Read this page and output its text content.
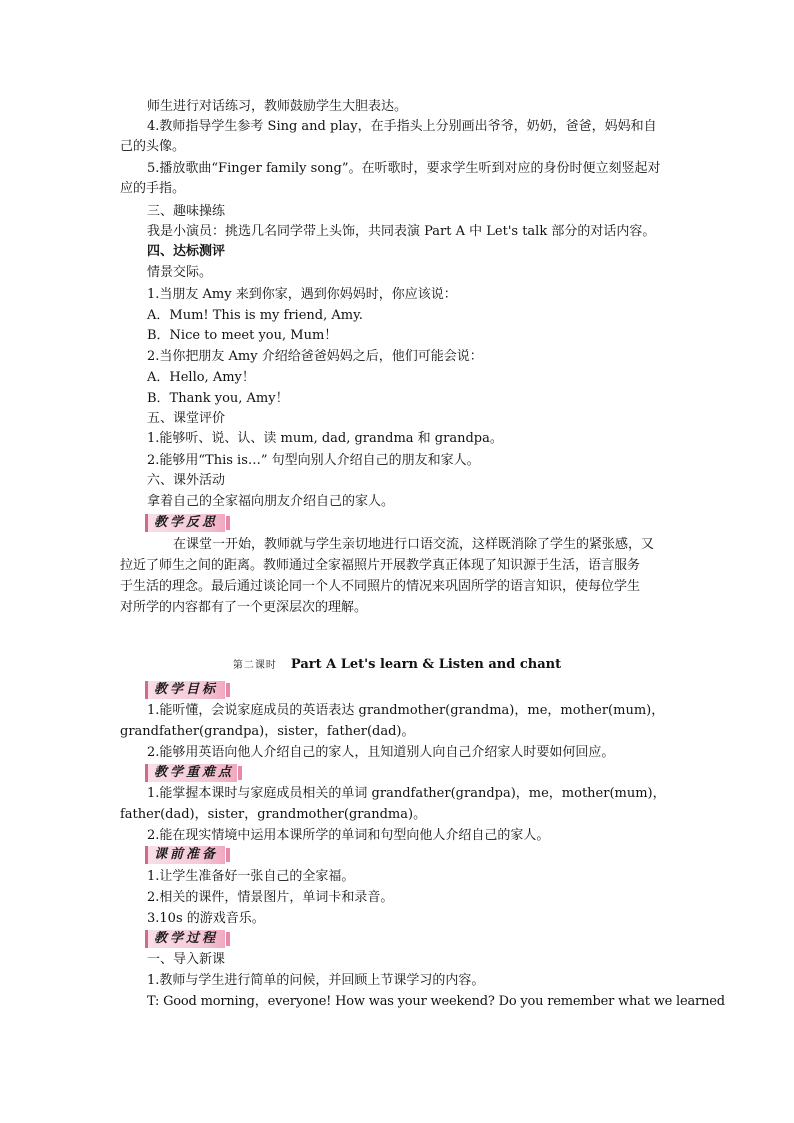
师生进行对话练习，教师鼓励学生大胆表达。
4.教师指导学生参考 Sing and play，在手指头上分别画出爷爷，奶奶，爸爸，妈妈和自
己的头像。
5.播放歌曲“Finger family song”。在听歌时，要求学生听到对应的身份时便立刻竖起对
应的手指。
三、趣味操练
我是小演员：挑选几名同学带上头饰，共同表演 Part A 中 Let's talk 部分的对话内容。
四、达标测评
情景交际。
1.当朋友 Amy 来到你家，遇到你妈妈时，你应该说：
A．Mum! This is my friend, Amy.
B．Nice to meet you, Mum！
2.当你把朋友 Amy 介绍给爸爸妈妈之后，他们可能会说：
A．Hello, Amy！
B．Thank you, Amy！
五、课堂评价
1.能够听、说、认、读 mum, dad, grandma 和 grandpa。
2.能够用“This is…” 句型向别人介绍自己的朋友和家人。
六、课外活动
拿着自己的全家福向朋友介绍自己的家人。
教学反思
在课堂一开始，教师就与学生亲切地进行口语交流，这样既消除了学生的紧张感，又
拉近了师生之间的距离。教师通过全家福照片开展教学真正体现了知识源于生活，语言服务
于生活的理念。最后通过谈论同一个人不同照片的情况来巩固所学的语言知识，使每位学生
对所学的内容都有了一个更深层次的理解。
第二课时 Part A Let's learn & Listen and chant
教学目标
1.能听懂，会说家庭成员的英语表达 grandmother(grandma)，me，mother(mum)，
grandfather(grandpa)，sister，father(dad)。
2.能够用英语向他人介绍自己的家人，且知道别人向自己介绍家人时要如何回应。
教学重难点
1.能掌握本课时与家庭成员相关的单词 grandfather(grandpa)，me，mother(mum)，
father(dad)，sister，grandmother(grandma)。
2.能在现实情境中运用本课所学的单词和句型向他人介绍自己的家人。
课前准备
1.让学生准备好一张自己的全家福。
2.相关的课件，情景图片，单词卡和录音。
3.10s 的游戏音乐。
教学过程
一、导入新课
1.教师与学生进行简单的问候，并回顾上节课学习的内容。
T: Good morning，everyone! How was your weekend? Do you remember what we learned
